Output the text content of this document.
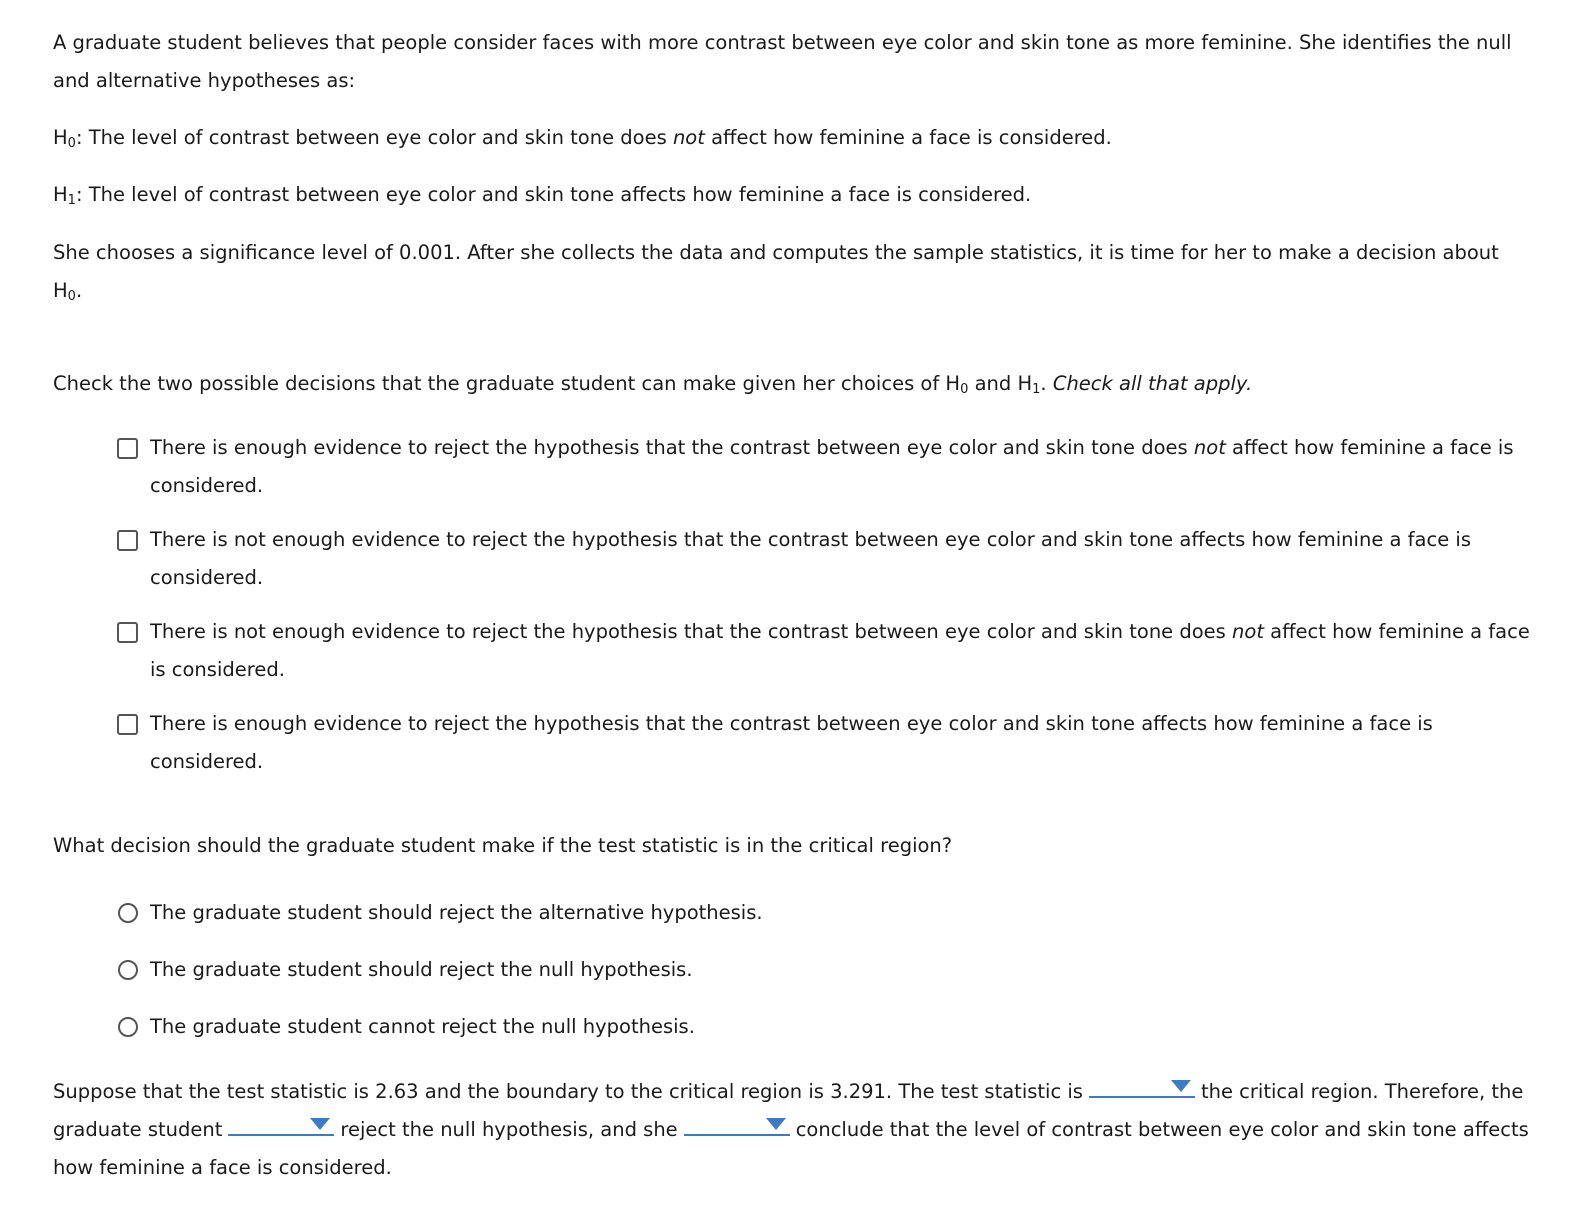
A graduate student believes that people consider faces with more contrast between eye color and skin tone as more feminine. She identifies the null and alternative hypotheses as:

$H_0$: The level of contrast between eye color and skin tone does not affect how feminine a face is considered.

$H_1$: The level of contrast between eye color and skin tone affects how feminine a face is considered.

She chooses a significance level of 0.001. After she collects the data and computes the sample statistics, it is time for her to make a decision about $H_0$.

Check the two possible decisions that the graduate student can make given her choices of $H_0$ and $H_1$. Check all that apply.

There is enough evidence to reject the hypothesis that the contrast between eye color and skin tone does not affect how feminine a face is considered.
There is not enough evidence to reject the hypothesis that the contrast between eye color and skin tone affects how feminine a face is considered.
There is not enough evidence to reject the hypothesis that the contrast between eye color and skin tone does not affect how feminine a face is considered.
There is enough evidence to reject the hypothesis that the contrast between eye color and skin tone affects how feminine a face is considered.

What decision should the graduate student make if the test statistic is in the critical region?

The graduate student should reject the alternative hypothesis.
The graduate student should reject the null hypothesis.
The graduate student cannot reject the null hypothesis.

Suppose that the test statistic is 2.63 and the boundary to the critical region is 3.291. The test statistic is	the critical region. Therefore, the graduate student	reject the null hypothesis, and she	conclude that the level of contrast between eye color and skin tone affects how feminine a face is considered.
